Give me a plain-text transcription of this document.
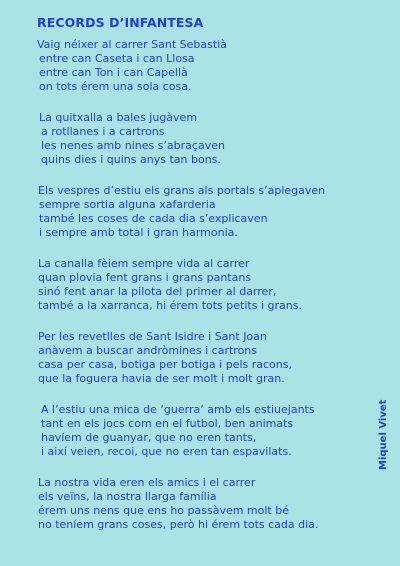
RECORDS D’INFANTESA
Vaig néixer al carrer Sant Sebastià
entre can Caseta i can Llosa
entre can Ton i can Capellà
on tots érem una sola cosa.
La quitxalla a bales jugàvem
a rotllanes i a cartrons
les nenes amb nines s’abraçaven
quins dies i quins anys tan bons.
Els vespres d’estiu els grans als portals s’aplegaven
sempre sortia alguna xafarderia
també les coses de cada dia s’explicaven
i sempre amb total i gran harmonia.
La canalla fèiem sempre vida al carrer
quan plovia fent grans i grans pantans
sinó fent anar la pilota del primer al darrer,
també a la xarranca, hi érem tots petits i grans.
Per les revetlles de Sant Isidre i Sant Joan
anàvem a buscar andròmines i cartrons
casa per casa, botiga per botiga i pels racons,
que la foguera havia de ser molt i molt gran.
A l’estiu una mica de ‘guerra’ amb els estiuejants
tant en els jocs com en el futbol, ben animats
havíem de guanyar, que no eren tants,
i així veien, recoi, que no eren tan espavilats.
La nostra vida eren els amics i el carrer
els veïns, la nostra llarga família
érem uns nens que ens ho passàvem molt bé
no teníem grans coses, però hi érem tots cada dia.
Miquel Vivet
